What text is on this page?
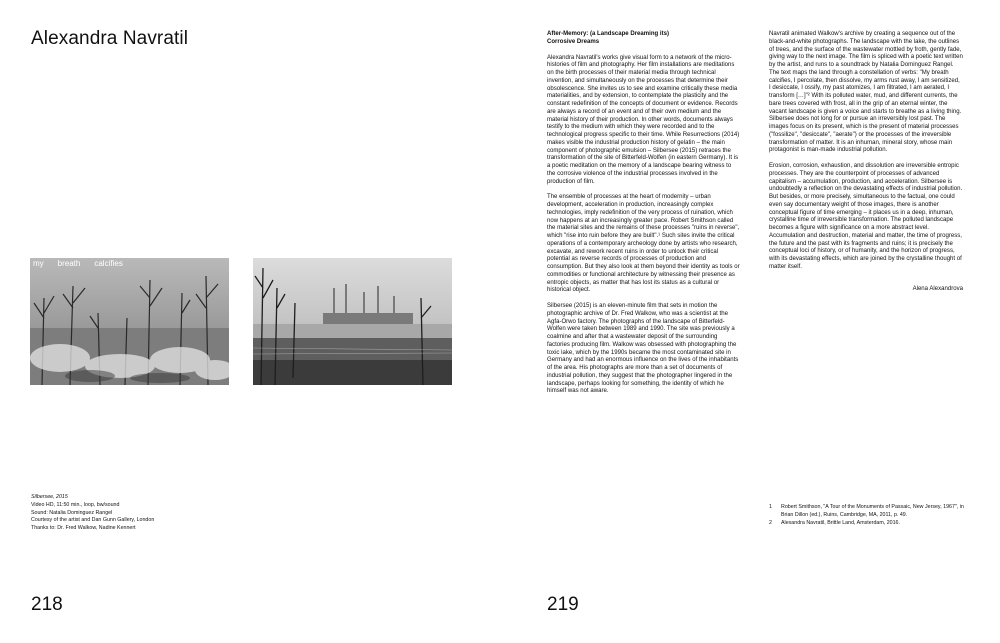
Alexandra Navratil
my breath calcifies
Silbersee, 2015
Video HD, 11:50 min., loop, bw/sound
Sound: Natalia Dominguez Rangel
Courtesy of the artist and Dan Gunn Gallery, London
Thanks to: Dr. Fred Walkow, Nadine Kennert
218
After-Memory: (a Landscape Dreaming its)
Corrosive Dreams

Alexandra Navratil's works give visual form to a network of the micro-histories of film and photography. Her film installations are meditations on the birth processes of their material media through technical invention, and simultaneously on the processes that determine their obsolescence. She invites us to see and examine critically these media materialities, and by extension, to contemplate the plasticity and the constant redefinition of the concepts of document or evidence. Records are always a record of an event and of their own medium and the material history of their production. In other words, documents always testify to the medium with which they were recorded and to the technological progress specific to their time. While Resurrections (2014) makes visible the industrial production history of gelatin – the main component of photographic emulsion – Silbersee (2015) retraces the transformation of the site of Bitterfeld-Wolfen (in eastern Germany). It is a poetic meditation on the memory of a landscape bearing witness to the corrosive violence of the industrial processes involved in the production of film.

The ensemble of processes at the heart of modernity – urban development, acceleration in production, increasingly complex technologies, imply redefinition of the very process of ruination, which now happens at an increasingly greater pace. Robert Smithson called the material sites and the remains of these processes "ruins in reverse", which "rise into ruin before they are built".¹ Such sites invite the critical operations of a contemporary archeology done by artists who research, excavate, and rework recent ruins in order to unlock their critical potential as reverse records of processes of production and consumption. But they also look at them beyond their identity as tools or commodities or functional architecture by witnessing their presence as entropic objects, as matter that has lost its status as a cultural or historical object.

Silbersee (2015) is an eleven-minute film that sets in motion the photographic archive of Dr. Fred Walkow, who was a scientist at the Agfa-Orwo factory. The photographs of the landscape of Bitterfeld-Wolfen were taken between 1989 and 1990. The site was previously a coalmine and after that a wastewater deposit of the surrounding factories producing film. Walkow was obsessed with photographing the toxic lake, which by the 1990s became the most contaminated site in Germany and had an enormous influence on the lives of the inhabitants of the area. His photographs are more than a set of documents of industrial pollution, they suggest that the photographer lingered in the landscape, perhaps looking for something, the identity of which he himself was not aware.

Navratil animated Walkow's archive by creating a sequence out of the black-and-white photographs. The landscape with the lake, the outlines of trees, and the surface of the wastewater mottled by froth, gently fade, giving way to the next image. The film is spliced with a poetic text written by the artist, and runs to a soundtrack by Natalia Dominguez Rangel. The text maps the land through a constellation of verbs: "My breath calcifies, I percolate, then dissolve, my arms rust away, I am sensitized, I desiccate, I ossify, my past atomizes, I am filtrated, I am aerated, I transform […]"² With its polluted water, mud, and different currents, the bare trees covered with frost, all in the grip of an eternal winter, the vacant landscape is given a voice and starts to breathe as a living thing. Silbersee does not long for or pursue an irreversibly lost past. The images focus on its present, which is the present of material processes ("fossilize", "desiccate", "aerate") or the processes of the irreversible transformation of matter. It is an inhuman, mineral story, whose main protagonist is man-made industrial pollution.

Erosion, corrosion, exhaustion, and dissolution are irreversible entropic processes. They are the counterpoint of processes of advanced capitalism – accumulation, production, and acceleration. Silbersee is undoubtedly a reflection on the devastating effects of industrial pollution. But besides, or more precisely, simultaneous to the factual, one could even say documentary weight of those images, there is another conceptual figure of time emerging – it places us in a deep, inhuman, crystalline time of irreversible transformation. The polluted landscape becomes a figure with significance on a more abstract level. Accumulation and destruction, material and matter, the time of progress, the future and the past with its fragments and ruins; it is precisely the conceptual loci of history, or of humanity, and the horizon of progress, with its devastating effects, which are joined by the crystalline thought of matter itself.

Alena Alexandrova

1	Robert Smithson, "A Tour of the Monuments of Passaic, New Jersey, 1967", in Brian Dillon (ed.), Ruins, Cambridge, MA, 2011, p. 49.
2	Alexandra Navratil, Brittle Land, Amsterdam, 2016.
219
